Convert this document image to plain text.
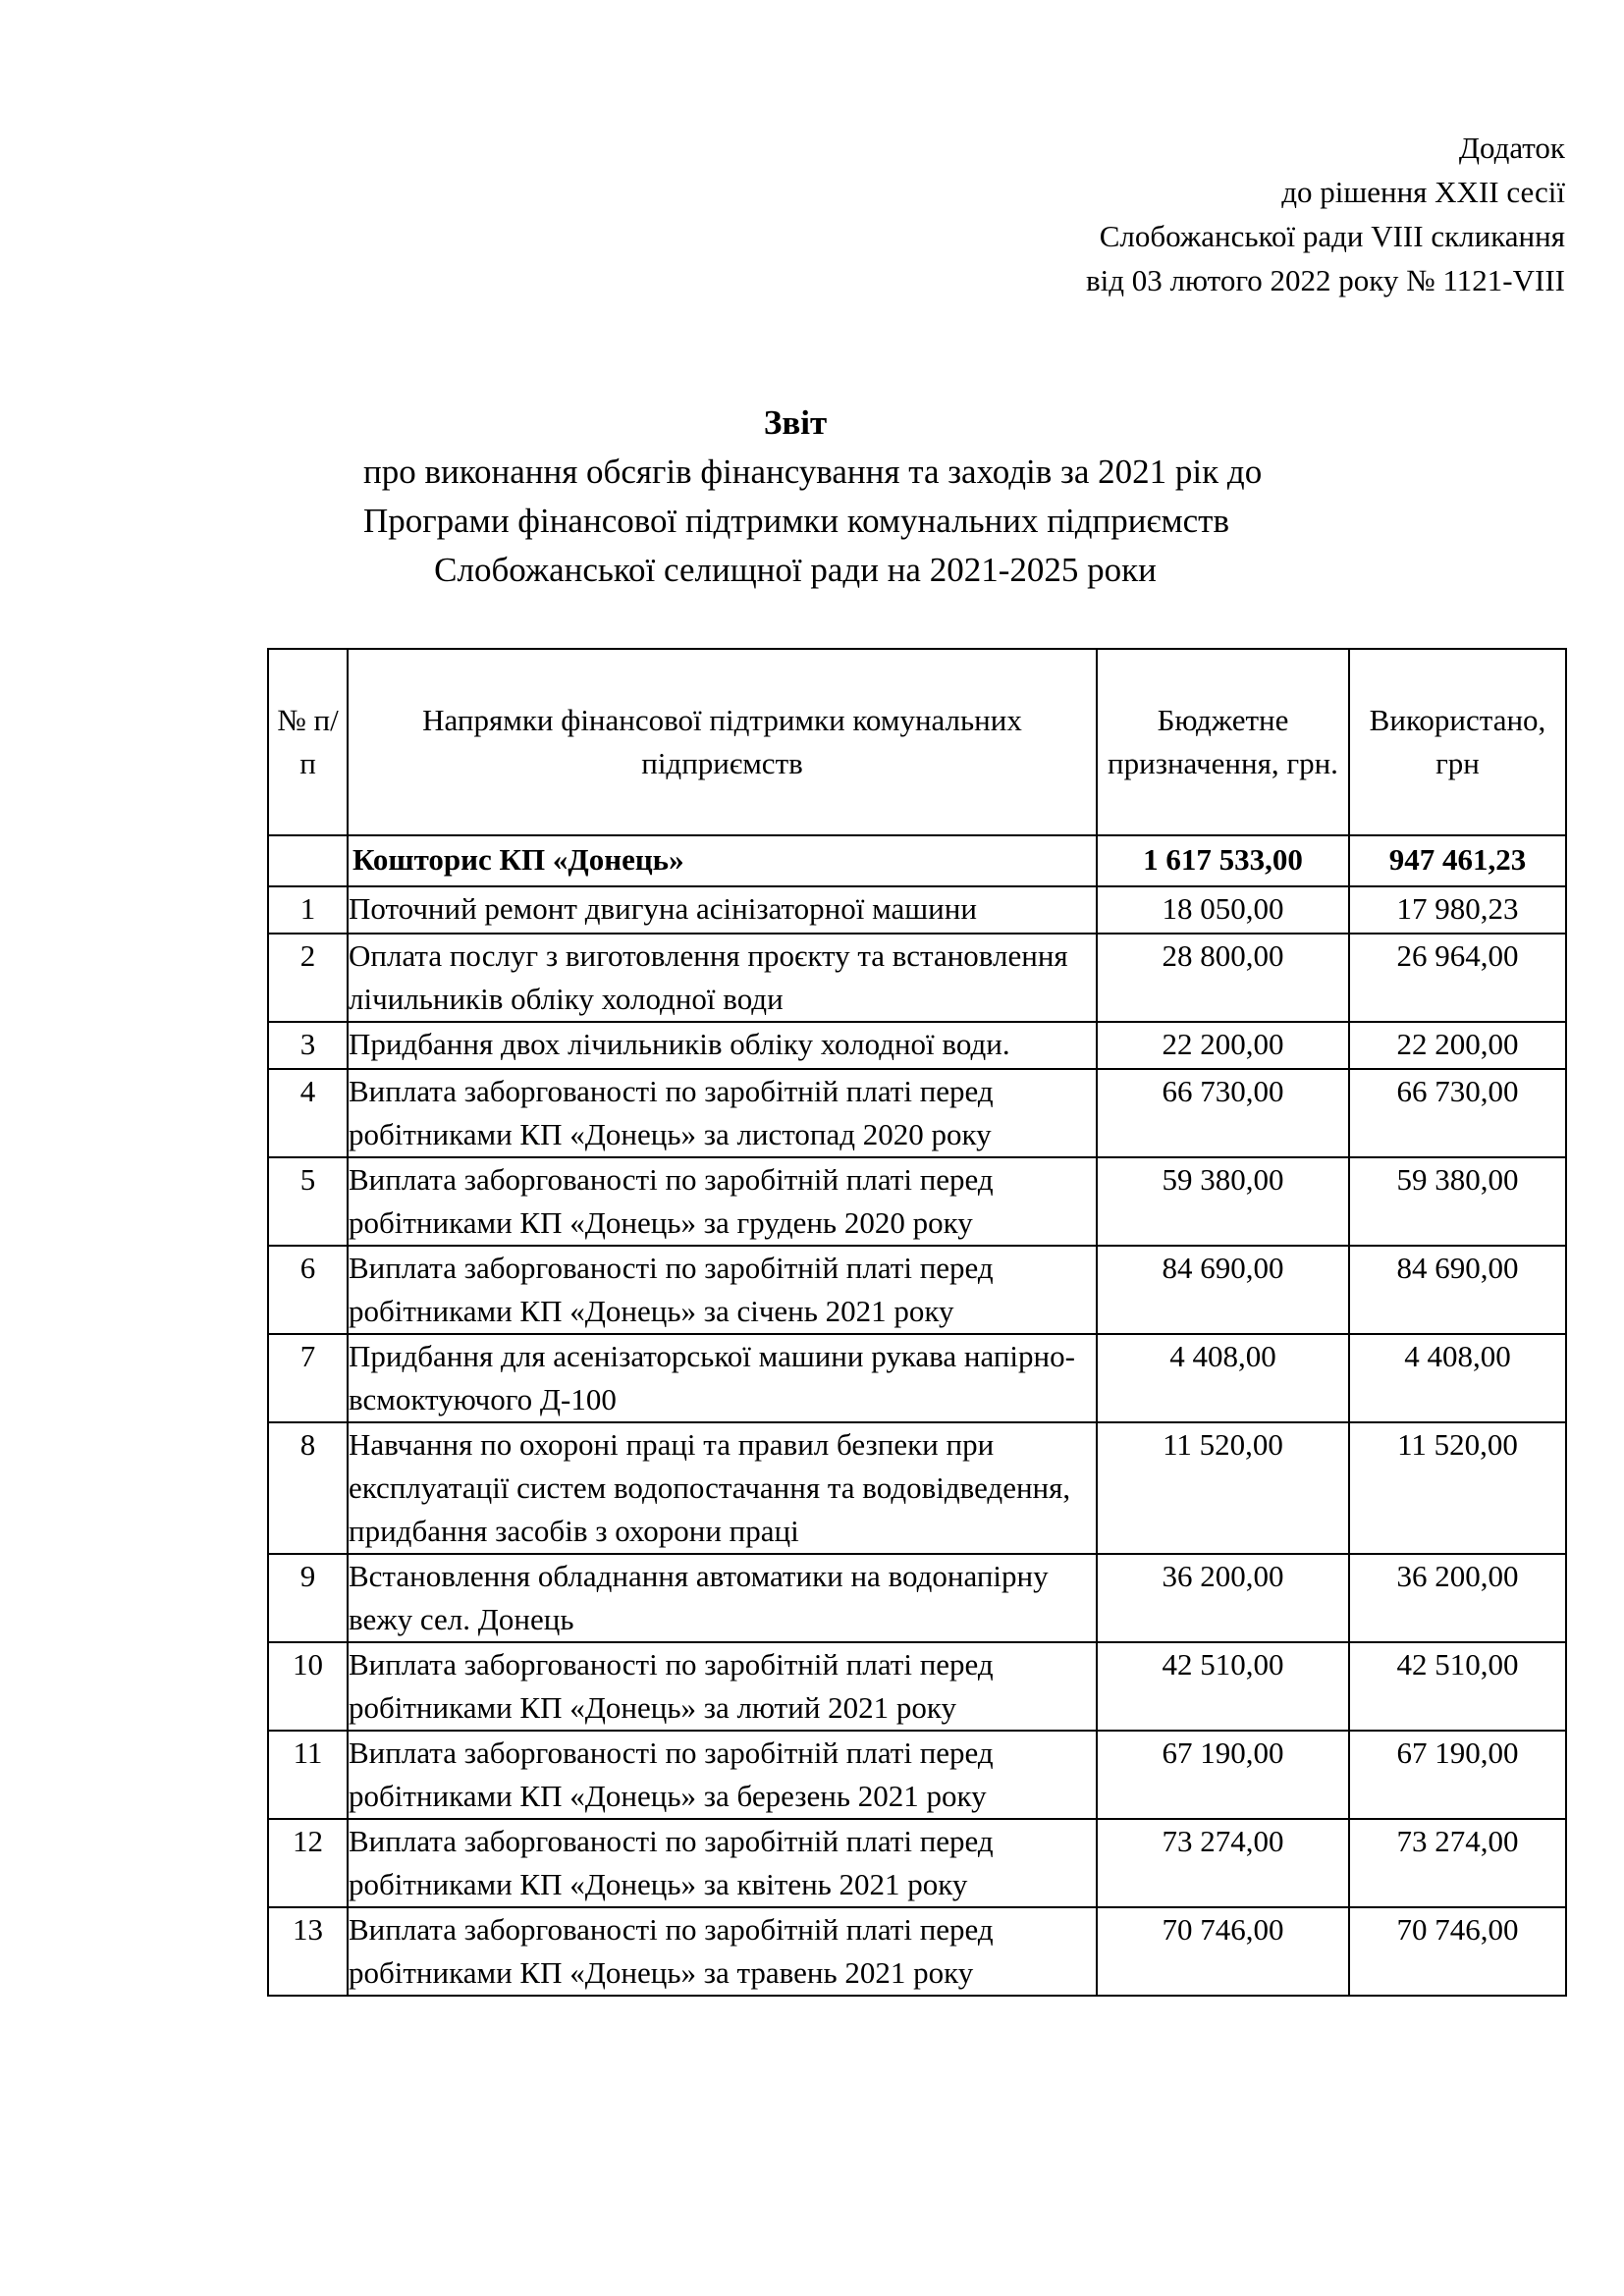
Додаток
до рішення XXII сесії
Слобожанської ради VIII скликання
від 03 лютого 2022 року № 1121-VIII
Звіт
про виконання обсягів фінансування та заходів за 2021 рік до
Програми фінансової підтримки комунальних підприємств
Слобожанської селищної ради на 2021-2025 роки
№ п/п	Напрямки фінансової підтримки комунальних підприємств	Бюджетне призначення, грн.	Використано, грн
	Кошторис КП «Донець»	1 617 533,00	947 461,23
1	Поточний ремонт двигуна асінізаторної машини	18 050,00	17 980,23
2	Оплата послуг з виготовлення проєкту та встановлення лічильників обліку холодної води	28 800,00	26 964,00
3	Придбання двох лічильників обліку холодної води.	22 200,00	22 200,00
4	Виплата заборгованості по заробітній платі перед робітниками КП «Донець» за листопад 2020 року	66 730,00	66 730,00
5	Виплата заборгованості по заробітній платі перед робітниками КП «Донець» за грудень 2020 року	59 380,00	59 380,00
6	Виплата заборгованості по заробітній платі перед робітниками КП «Донець» за січень 2021 року	84 690,00	84 690,00
7	Придбання для асенізаторської машини рукава напірно-всмоктуючого Д-100	4 408,00	4 408,00
8	Навчання по охороні праці та правил безпеки при експлуатації систем водопостачання та водовідведення, придбання засобів з охорони праці	11 520,00	11 520,00
9	Встановлення обладнання автоматики на водонапірну вежу сел. Донець	36 200,00	36 200,00
10	Виплата заборгованості по заробітній платі перед робітниками КП «Донець» за лютий 2021 року	42 510,00	42 510,00
11	Виплата заборгованості по заробітній платі перед робітниками КП «Донець» за березень 2021 року	67 190,00	67 190,00
12	Виплата заборгованості по заробітній платі перед робітниками КП «Донець» за квітень 2021 року	73 274,00	73 274,00
13	Виплата заборгованості по заробітній платі перед робітниками КП «Донець» за травень 2021 року	70 746,00	70 746,00
